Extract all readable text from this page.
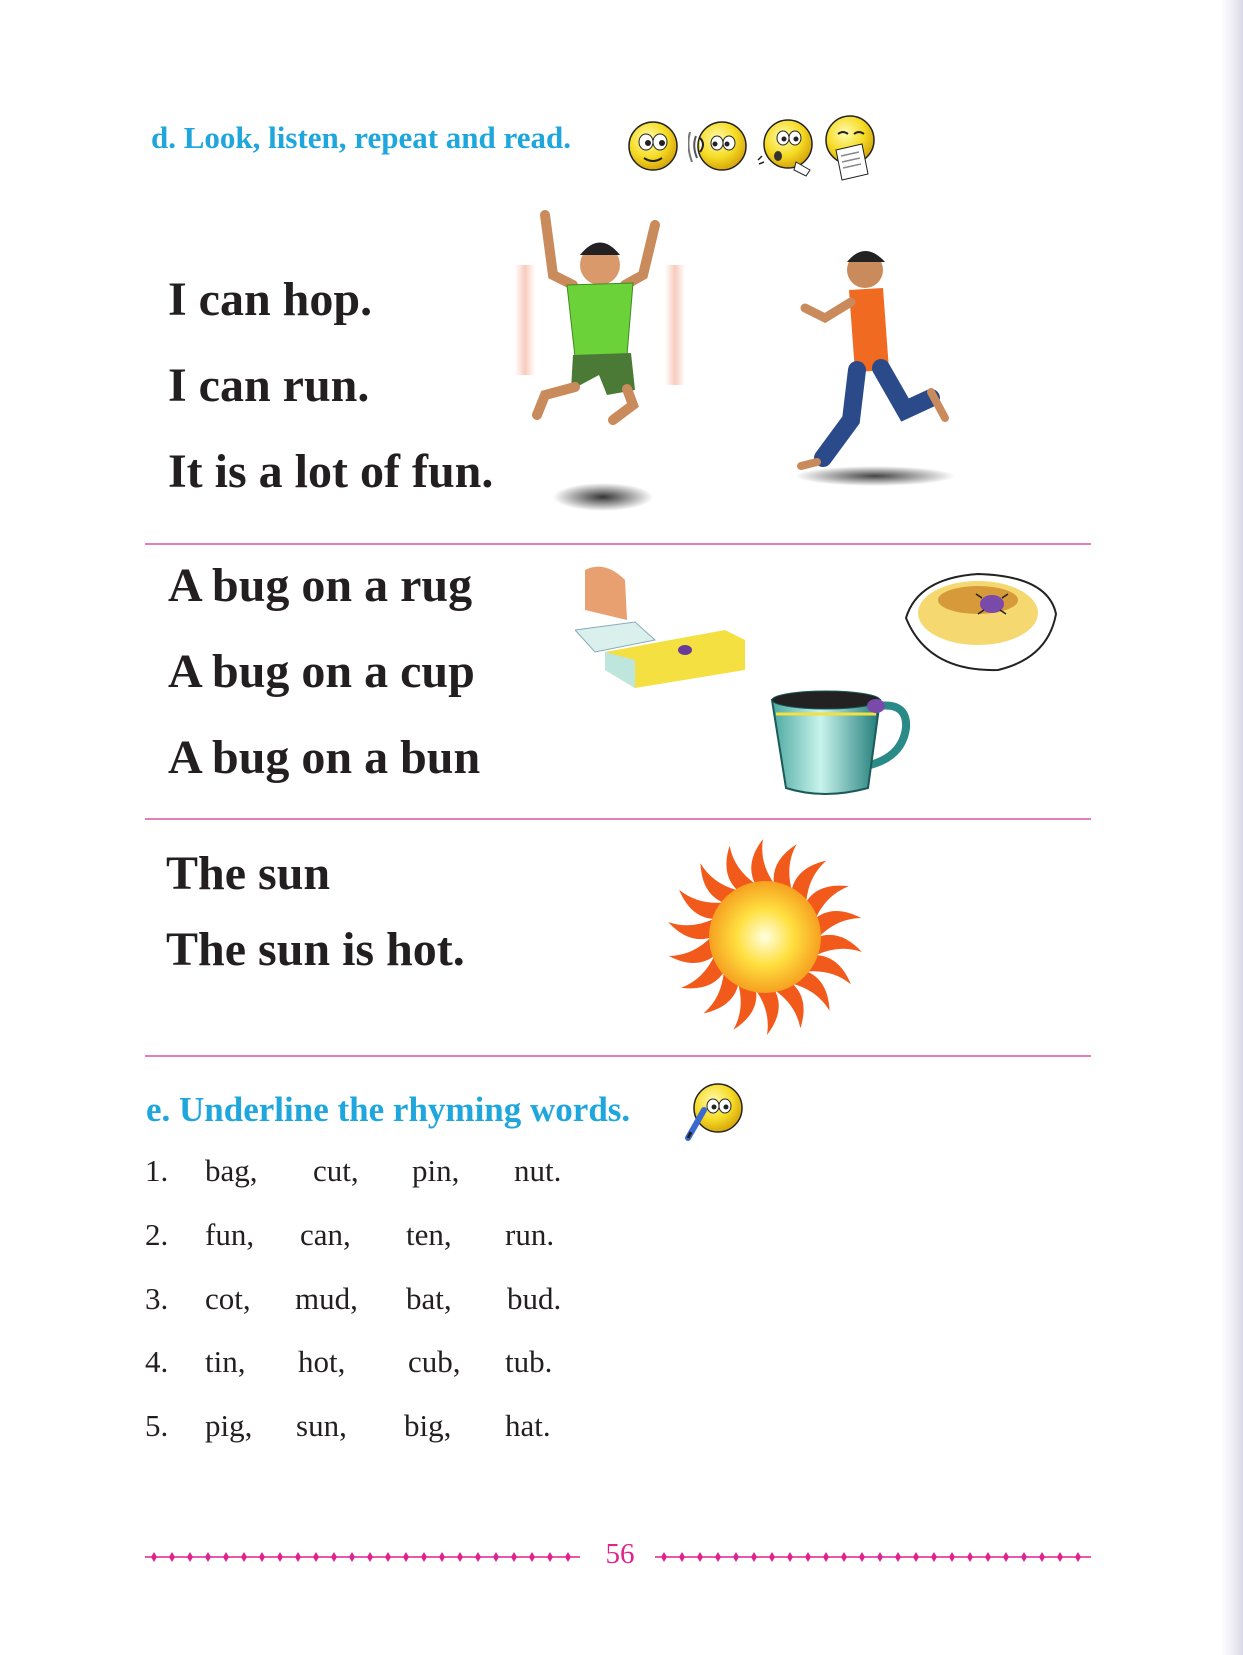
d. Look, listen, repeat and read.
I can hop.
I can run.
It is a lot of fun.
A bug on a rug
A bug on a cup
A bug on a bun
The sun
The sun is hot.
e. Underline the rhyming words.
1. bag, cut, pin, nut.
2. fun, can, ten, run.
3. cot, mud, bat, bud.
4. tin, hot, cub, tub.
5. pig, sun, big, hat.
56
